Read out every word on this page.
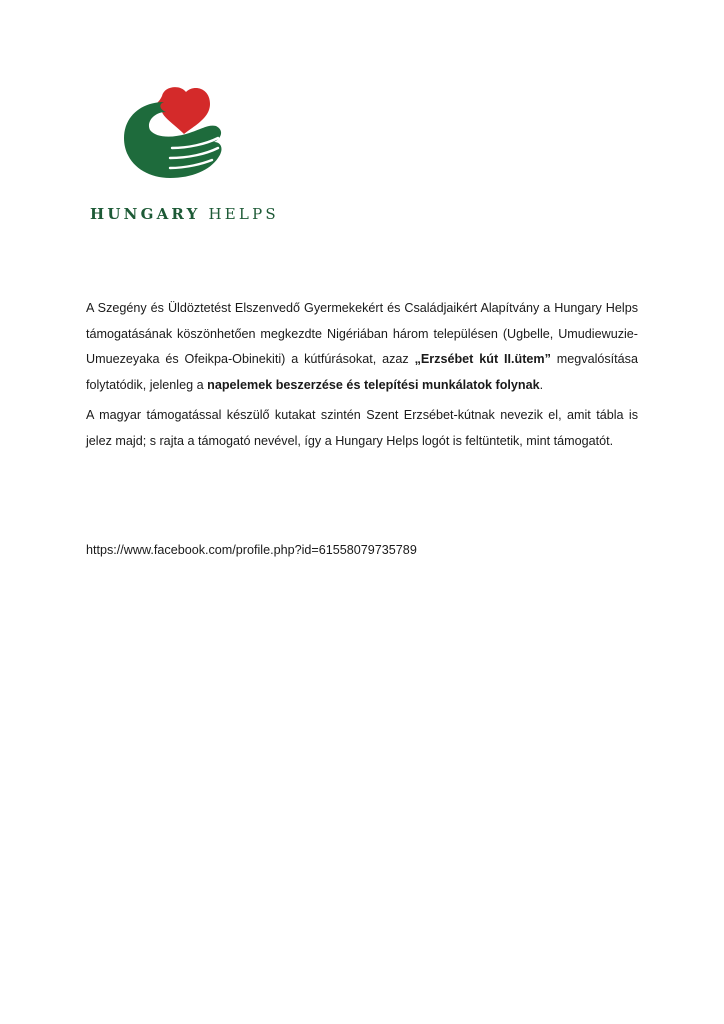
HUNGARY HELPS

A Szegény és Üldöztetést Elszenvedő Gyermekekért és Családjaikért Alapítvány a Hungary Helps támogatásának köszönhetően megkezdte Nigériában három településen (Ugbelle, Umudiewuzie-Umuezeyaka és Ofeikpa-Obinekiti) a kútfúrásokat, azaz „Erzsébet kút II.ütem” megvalósítása folytatódik, jelenleg a napelemek beszerzése és telepítési munkálatok folynak.

A magyar támogatással készülő kutakat szintén Szent Erzsébet-kútnak nevezik el, amit tábla is jelez majd; s rajta a támogató nevével, így a Hungary Helps logót is feltüntetik, mint támogatót.

https://www.facebook.com/profile.php?id=61558079735789
